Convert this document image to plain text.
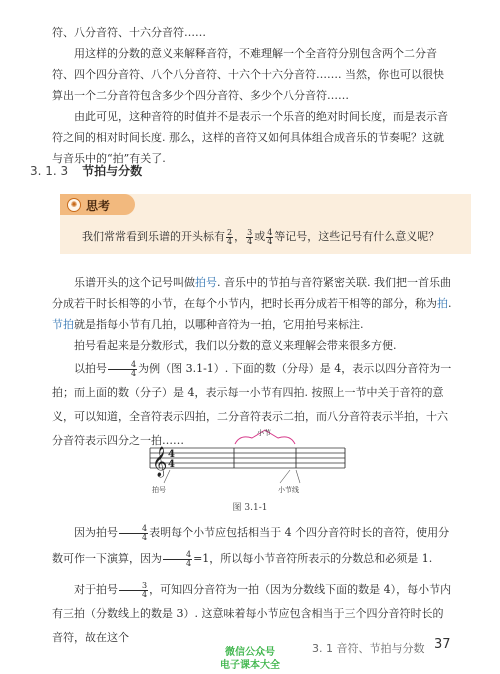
符、八分音符、十六分音符……

用这样的分数的意义来解释音符，不难理解一个全音符分别包含两个二分音符、四个四分音符、八个八分音符、十六个十六分音符……. 当然，你也可以很快算出一个二分音符包含多少个四分音符、多少个八分音符……

由此可见，这种音符的时值并不是表示一个乐音的绝对时间长度，而是表示音符之间的相对时间长度. 那么，这样的音符又如何具体组合成音乐的节奏呢？这就与音乐中的“拍”有关了.

3. 1. 3 节拍与分数
✺ 思考
我们常常看到乐谱的开头标有 $\frac{2}{4}$ ， $\frac{3}{4}$ 或 $\frac{4}{4}$ 等记号，这些记号有什么意义呢？

乐谱开头的这个记号叫做拍号. 音乐中的节拍与音符紧密关联. 我们把一首乐曲分成若干时长相等的小节，在每个小节内，把时长再分成若干相等的部分，称为拍. 节拍就是指每小节有几拍，以哪种音符为一拍，它用拍号来标注.

拍号看起来是分数形式，我们以分数的意义来理解会带来很多方便.

以拍号 $\frac{4}{4}$ 为例（图 3.1-1）. 下面的数（分母）是 4，表示以四分音符为一拍；而上面的数（分子）是 4，表示每一小节有四拍. 按照上一节中关于音符的意义，可以知道，全音符表示四拍，二分音符表示二拍，而八分音符表示半拍，十六分音符表示四分之一拍……

𝄞 4
4
小节
拍号	小节线
图 3.1-1

因为拍号 $\frac{4}{4}$ 表明每个小节应包括相当于 4 个四分音符时长的音符，使用分数可作一下演算，因为 $\frac{4}{4} =1$，所以每小节音符所表示的分数总和必须是 1.

对于拍号 $\frac{3}{4}$ ，可知四分音符为一拍（因为分数线下面的数是 4），每小节内有三拍（分数线上的数是 3）. 这意味着每小节应包含相当于三个四分音符时长的音符，故在这个

3. 1 音符、节拍与分数 37
微信公众号
电子课本大全
